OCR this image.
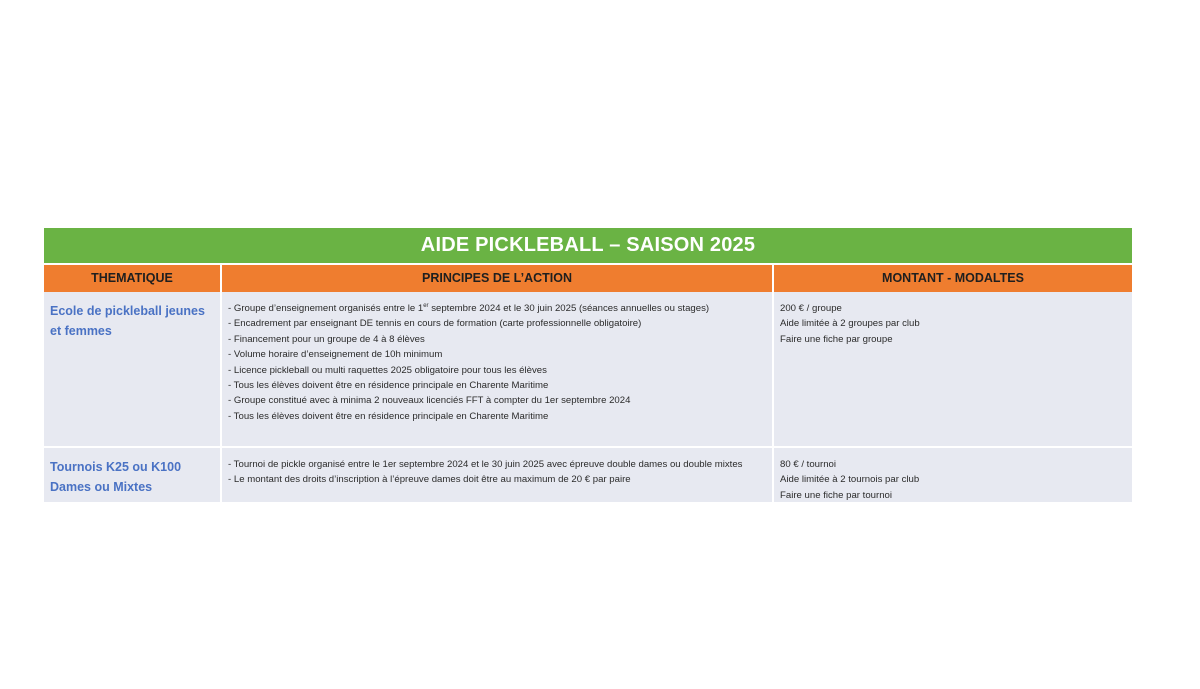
AIDE PICKLEBALL – SAISON 2025
THEMATIQUE	PRINCIPES DE L’ACTION	MONTANT - MODALTES
Ecole de pickleball jeunes et femmes
- Groupe d’enseignement organisés entre le 1er septembre 2024 et le 30 juin 2025 (séances annuelles ou stages)
- Encadrement par enseignant DE tennis en cours de formation (carte professionnelle obligatoire)
- Financement pour un groupe de 4 à 8 élèves
- Volume horaire d’enseignement de 10h minimum
- Licence pickleball ou multi raquettes 2025 obligatoire pour tous les élèves
- Tous les élèves doivent être en résidence principale en Charente Maritime
- Groupe constitué avec à minima 2 nouveaux licenciés FFT à compter du 1er septembre 2024
- Tous les élèves doivent être en résidence principale en Charente Maritime
200 € / groupe
Aide limitée à 2 groupes par club
Faire une fiche par groupe
Tournois K25 ou K100 Dames ou Mixtes
- Tournoi de pickle organisé entre le 1er septembre 2024 et le 30 juin 2025 avec épreuve double dames ou double mixtes
- Le montant des droits d’inscription à l’épreuve dames doit être au maximum de 20 € par paire
80 € / tournoi
Aide limitée à 2 tournois par club
Faire une fiche par tournoi
